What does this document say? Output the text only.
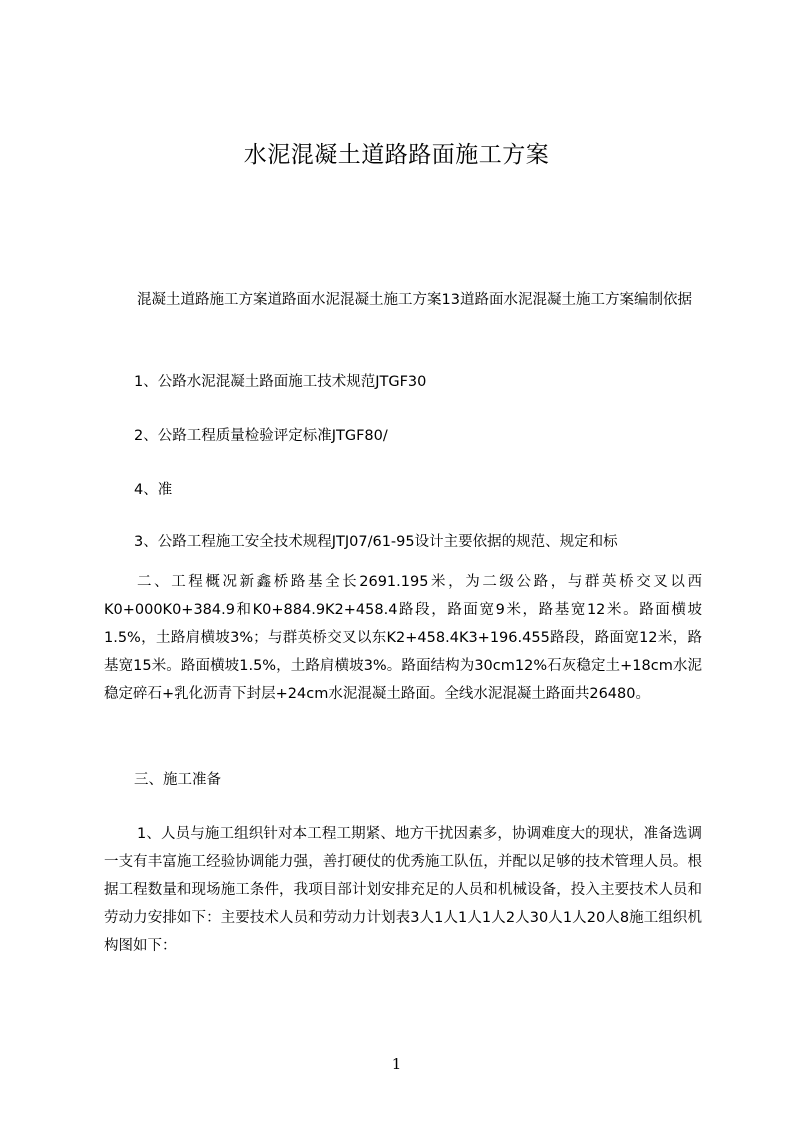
水泥混凝土道路路面施工方案

混凝土道路施工方案道路面水泥混凝土施工方案13道路面水泥混凝土施工方案编制依据

1、公路水泥混凝土路面施工技术规范JTGF30

2、公路工程质量检验评定标准JTGF80/

4、准

3、公路工程施工安全技术规程JTJ07/61-95设计主要依据的规范、规定和标

二、工程概况新鑫桥路基全长2691.195米，为二级公路，与群英桥交叉以西K0+000K0+384.9和K0+884.9K2+458.4路段，路面宽9米，路基宽12米。路面横坡1.5%，土路肩横坡3%；与群英桥交叉以东K2+458.4K3+196.455路段，路面宽12米，路基宽15米。路面横坡1.5%，土路肩横坡3%。路面结构为30cm12%石灰稳定土+18cm水泥稳定碎石+乳化沥青下封层+24cm水泥混凝土路面。全线水泥混凝土路面共26480。

三、施工准备

1、人员与施工组织针对本工程工期紧、地方干扰因素多，协调难度大的现状，准备选调一支有丰富施工经验协调能力强，善打硬仗的优秀施工队伍，并配以足够的技术管理人员。根据工程数量和现场施工条件，我项目部计划安排充足的人员和机械设备，投入主要技术人员和劳动力安排如下：主要技术人员和劳动力计划表3人1人1人1人2人30人1人20人8施工组织机构图如下：

1
